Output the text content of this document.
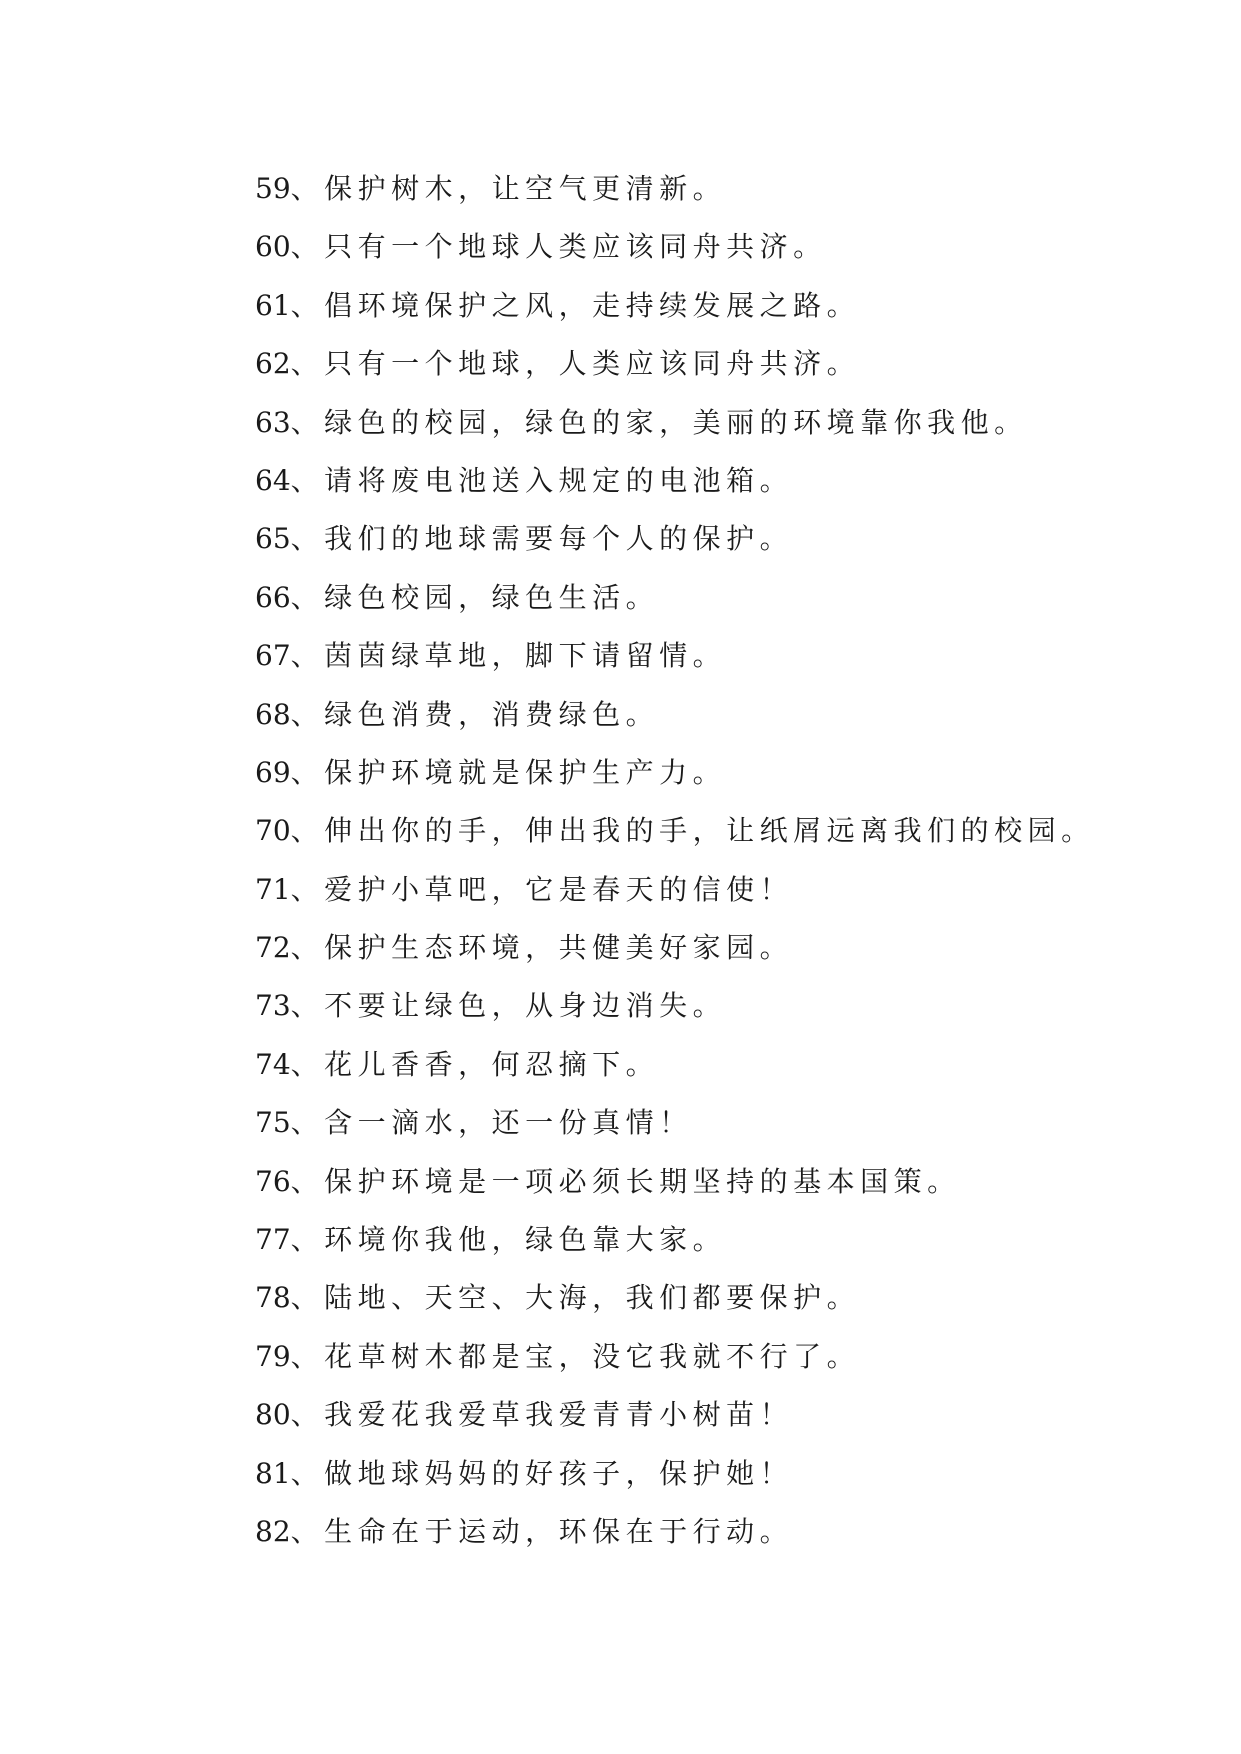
59、保护树木，让空气更清新。
60、只有一个地球人类应该同舟共济。
61、倡环境保护之风，走持续发展之路。
62、只有一个地球，人类应该同舟共济。
63、绿色的校园，绿色的家，美丽的环境靠你我他。
64、请将废电池送入规定的电池箱。
65、我们的地球需要每个人的保护。
66、绿色校园，绿色生活。
67、茵茵绿草地，脚下请留情。
68、绿色消费，消费绿色。
69、保护环境就是保护生产力。
70、伸出你的手，伸出我的手，让纸屑远离我们的校园。
71、爱护小草吧，它是春天的信使！
72、保护生态环境，共健美好家园。
73、不要让绿色，从身边消失。
74、花儿香香，何忍摘下。
75、含一滴水，还一份真情！
76、保护环境是一项必须长期坚持的基本国策。
77、环境你我他，绿色靠大家。
78、陆地、天空、大海，我们都要保护。
79、花草树木都是宝，没它我就不行了。
80、我爱花我爱草我爱青青小树苗！
81、做地球妈妈的好孩子，保护她！
82、生命在于运动，环保在于行动。
